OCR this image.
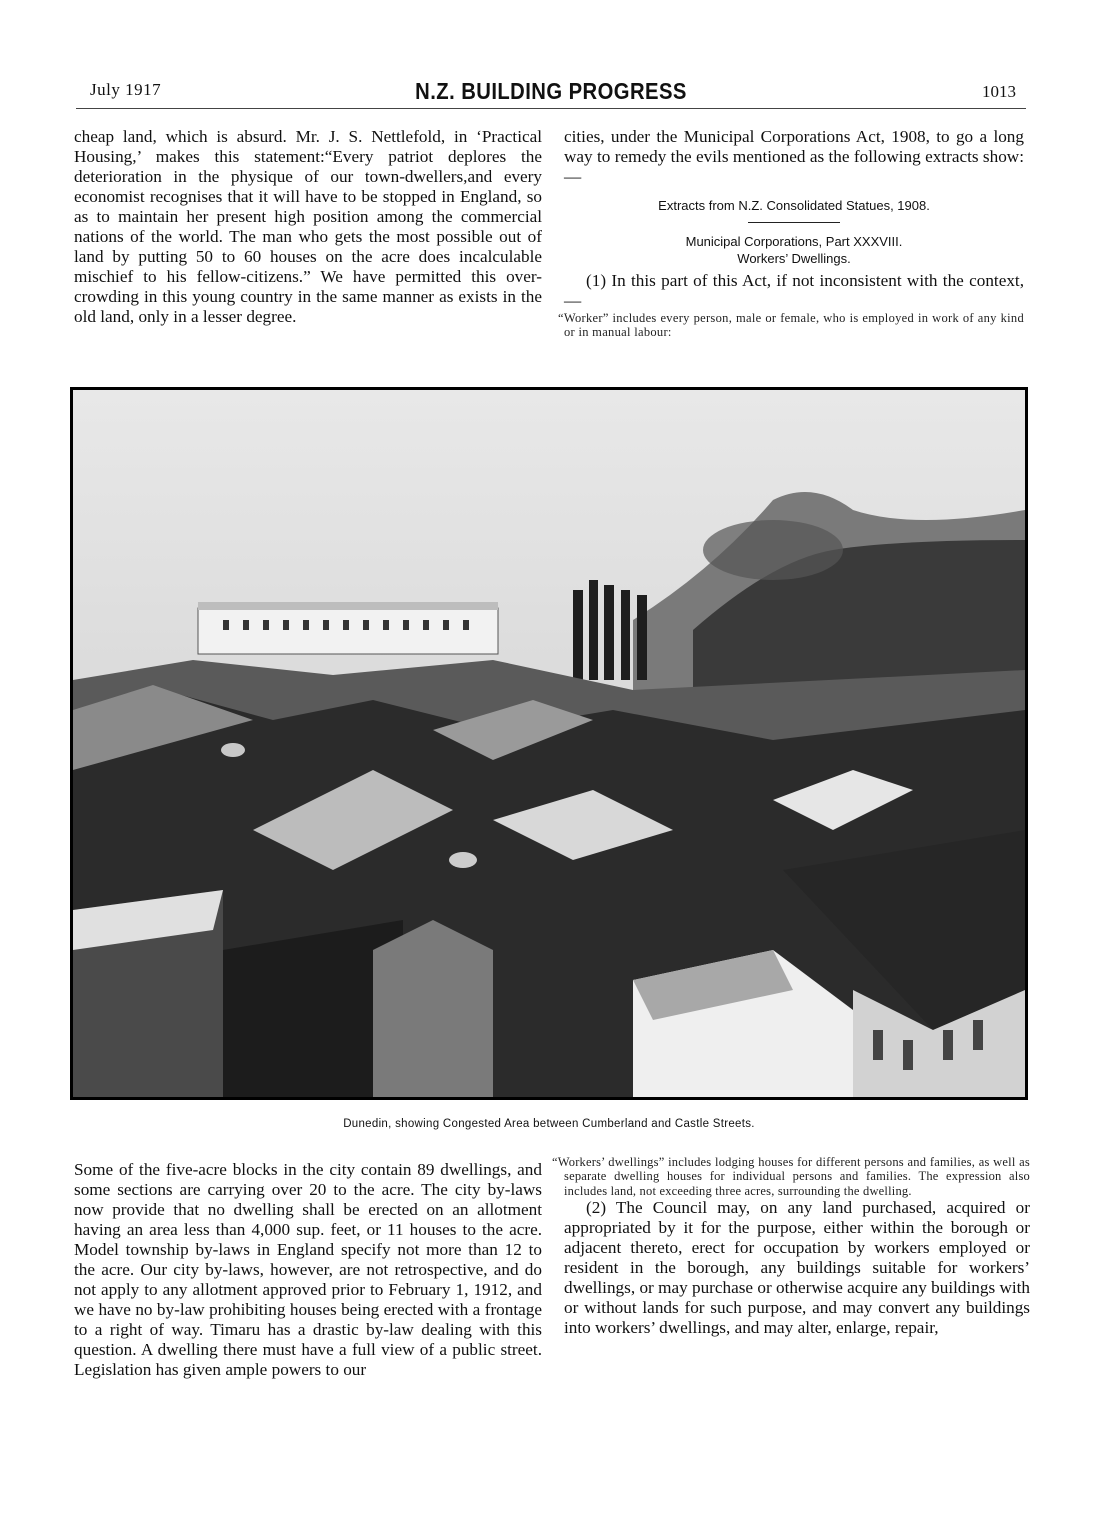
July 1917	N.Z. BUILDING PROGRESS	1013

cheap land, which is absurd. Mr. J. S. Nettlefold, in ‘Practical Housing,’ makes this statement:“Every patriot deplores the deterioration in the physique of our town-dwellers,and every economist recognises that it will have to be stopped in England, so as to maintain her present high position among the commercial nations of the world. The man who gets the most possible out of land by putting 50 to 60 houses on the acre does incalculable mischief to his fellow-citizens.” We have permitted this over-crowding in this young country in the same manner as exists in the old land, only in a lesser degree.

cities, under the Municipal Corporations Act, 1908, to go a long way to remedy the evils mentioned as the following extracts show:—

Extracts from N.Z. Consolidated Statues, 1908.
Municipal Corporations, Part XXXVIII.
Workers’ Dwellings.

(1) In this part of this Act, if not inconsistent with the context,—

“Worker” includes every person, male or female, who is employed in work of any kind or in manual labour:

Dunedin, showing Congested Area between Cumberland and Castle Streets.

Some of the five-acre blocks in the city contain 89 dwellings, and some sections are carrying over 20 to the acre. The city by-laws now provide that no dwelling shall be erected on an allotment having an area less than 4,000 sup. feet, or 11 houses to the acre. Model township by-laws in England specify not more than 12 to the acre. Our city by-laws, however, are not retrospective, and do not apply to any allotment approved prior to February 1, 1912, and we have no by-law prohibiting houses being erected with a frontage to a right of way. Timaru has a drastic by-law dealing with this question. A dwelling there must have a full view of a public street. Legislation has given ample powers to our

“Workers’ dwellings” includes lodging houses for different persons and families, as well as separate dwelling houses for individual persons and families. The expression also includes land, not exceeding three acres, surrounding the dwelling.

(2) The Council may, on any land purchased, acquired or appropriated by it for the purpose, either within the borough or adjacent thereto, erect for occupation by workers employed or resident in the borough, any buildings suitable for workers’ dwellings, or may purchase or otherwise acquire any buildings with or without lands for such purpose, and may convert any buildings into workers’ dwellings, and may alter, enlarge, repair,
